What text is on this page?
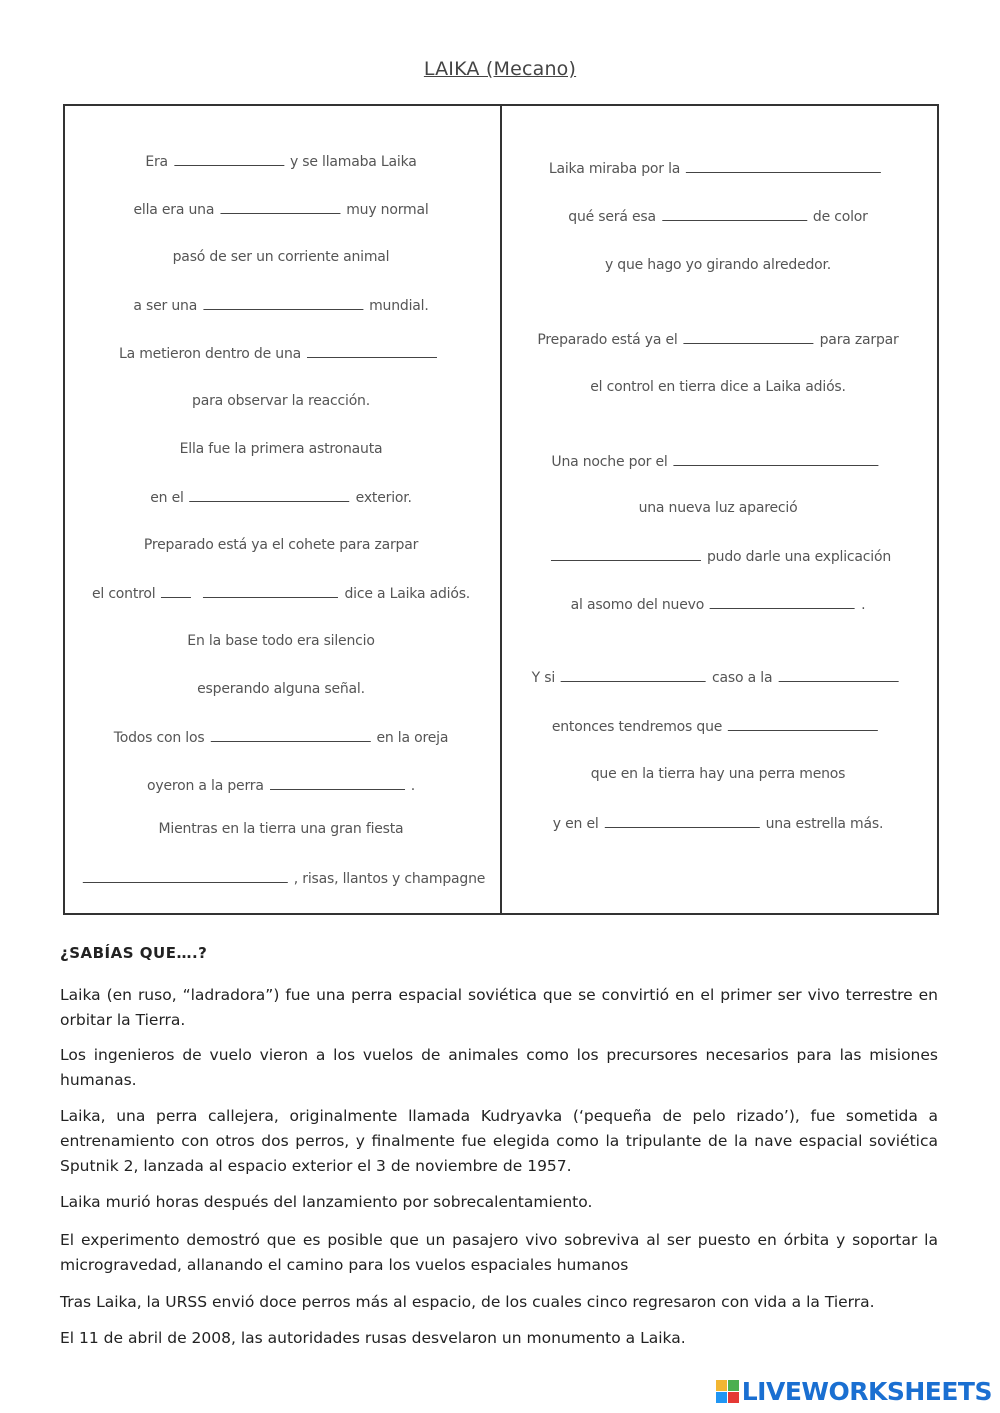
LAIKA (Mecano)
Era	y se llamaba Laika
ella era una	muy normal
pasó de ser un corriente animal
a ser una	mundial.
La metieron dentro de una
para observar la reacción.
Ella fue la primera astronauta
en el	exterior.
Preparado está ya el cohete para zarpar
el control	dice a Laika adiós.
En la base todo era silencio
esperando alguna señal.
Todos con los	en la oreja
oyeron a la perra	.
Mientras en la tierra una gran fiesta
, risas, llantos y champagne
Laika miraba por la
qué será esa	de color
y que hago yo girando alrededor.
Preparado está ya el	para zarpar
el control en tierra dice a Laika adiós.
Una noche por el
una nueva luz apareció
pudo darle una explicación
al asomo del nuevo	.
Y si	caso a la
entonces tendremos que
que en la tierra hay una perra menos
y en el	una estrella más.
¿SABÍAS QUE….?
Laika (en ruso, “ladradora”) fue una perra espacial soviética que se convirtió en el primer ser vivo terrestre en orbitar la Tierra.
Los ingenieros de vuelo vieron a los vuelos de animales como los precursores necesarios para las misiones humanas.
Laika, una perra callejera, originalmente llamada Kudryavka (‘pequeña de pelo rizado’), fue sometida a entrenamiento con otros dos perros, y finalmente fue elegida como la tripulante de la nave espacial soviética Sputnik 2, lanzada al espacio exterior el 3 de noviembre de 1957.
Laika murió horas después del lanzamiento por sobrecalentamiento.
El experimento demostró que es posible que un pasajero vivo sobreviva al ser puesto en órbita y soportar la microgravedad, allanando el camino para los vuelos espaciales humanos
Tras Laika, la URSS envió doce perros más al espacio, de los cuales cinco regresaron con vida a la Tierra.
El 11 de abril de 2008, las autoridades rusas desvelaron un monumento a Laika.
LIVEWORKSHEETS
